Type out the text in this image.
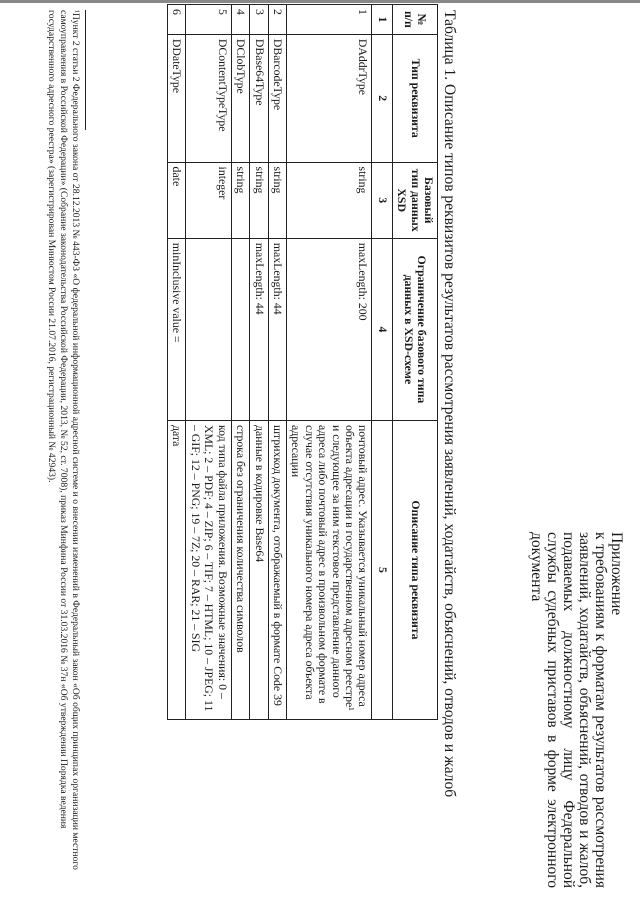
Приложение
к требованиям к форматам результатов рассмотрения заявлений, ходатайств, объяснений, отводов и жалоб, подаваемых должностному лицу Федеральной службы судебных приставов в форме электронного документа
Таблица 1. Описание типов реквизитов результатов рассмотрения заявлений, ходатайств, объяснений, отводов и жалоб
№ п/п	Тип реквизита	Базовый тип данных XSD	Ограничение базового типа данных в XSD-схеме	Описание типа реквизита
1	2	3	4	5
1	DAddrType	string	maxLength: 200	почтовый адрес. Указывается уникальный номер адреса объекта адресации в государственном адресном реестре¹ и следующее за ним текстовое представление данного адреса либо почтовый адрес в произвольном формате в случае отсутствия уникального номера адреса объекта адресации
2	DBarcodeType	string	maxLength: 44	штрихкод документа, отображаемый в формате Code 39
3	DBase64Type	string	maxLength: 44	данные в кодировке Base64
4	DClobType	string		строка без ограничения количества символов
5	DContentTypeType	integer		код типа файла приложения. Возможные значения: 0 – XML; 2 – PDF; 4 – ZIP; 6 – TIF; 7 – HTML; 10 – JPEG; 11 – GIF; 12 – PNG; 19 – 7Z; 20 – RAR; 21 – SIG
6	DDateType	date	minInclusive value =	дата
¹Пункт 2 статьи 2 Федерального закона от 28.12.2013 № 443-ФЗ «О федеральной информационной адресной системе и о внесении изменений в Федеральный закон «Об общих принципах организации местного самоуправления в Российской Федерации» (Собрание законодательства Российской Федерации, 2013, № 52, ст. 7008), приказ Минфина России от 31.03.2016 № 37н «Об утверждении Порядка ведения государственного адресного реестра» (зарегистрирован Минюстом России 21.07.2016, регистрационный № 42943).
